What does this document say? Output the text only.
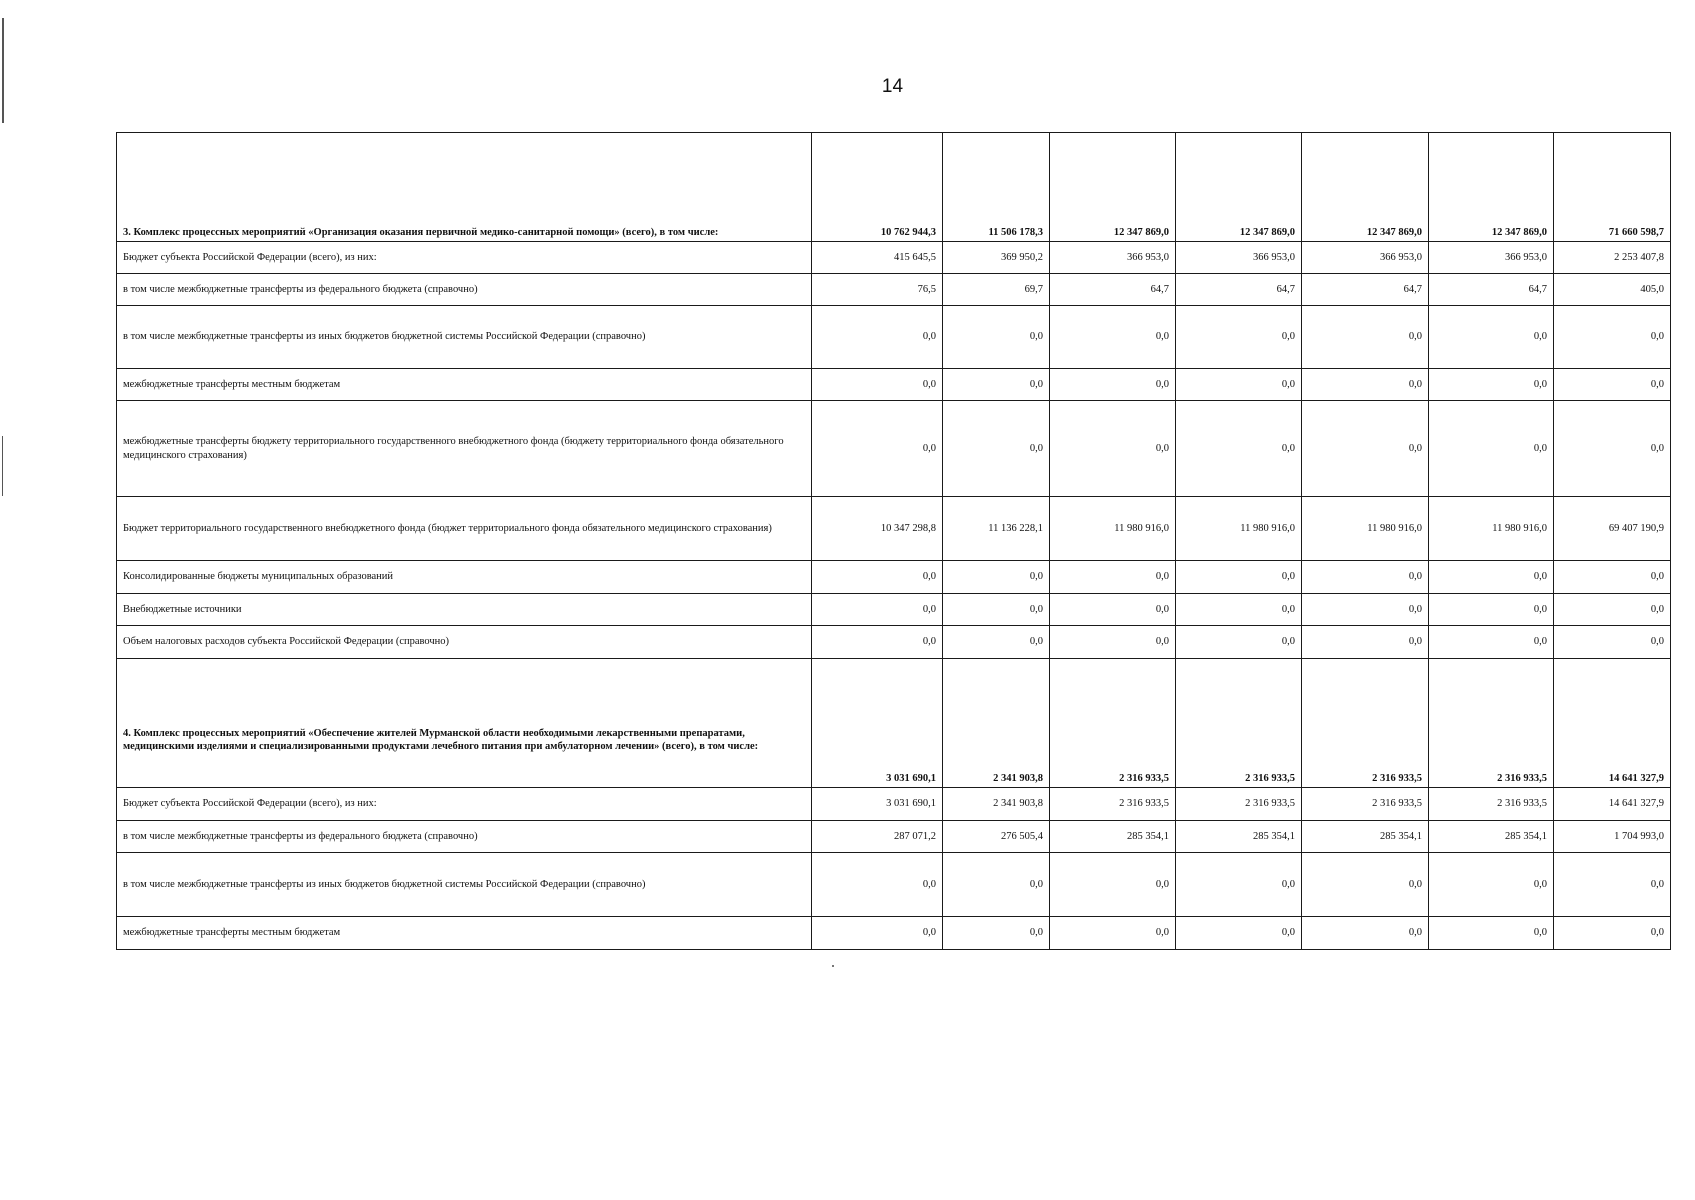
14
3. Комплекс процессных мероприятий «Организация оказания первичной медико-санитарной помощи» (всего), в том числе:	10 762 944,3	11 506 178,3	12 347 869,0	12 347 869,0	12 347 869,0	12 347 869,0	71 660 598,7
Бюджет субъекта Российской Федерации (всего), из них:	415 645,5	369 950,2	366 953,0	366 953,0	366 953,0	366 953,0	2 253 407,8
в том числе межбюджетные трансферты из федерального бюджета (справочно)	76,5	69,7	64,7	64,7	64,7	64,7	405,0
в том числе межбюджетные трансферты из иных бюджетов бюджетной системы Российской Федерации (справочно)	0,0	0,0	0,0	0,0	0,0	0,0	0,0
межбюджетные трансферты местным бюджетам	0,0	0,0	0,0	0,0	0,0	0,0	0,0
межбюджетные трансферты бюджету территориального государственного внебюджетного фонда (бюджету территориального фонда обязательного медицинского страхования)	0,0	0,0	0,0	0,0	0,0	0,0	0,0
Бюджет территориального государственного внебюджетного фонда (бюджет территориального фонда обязательного медицинского страхования)	10 347 298,8	11 136 228,1	11 980 916,0	11 980 916,0	11 980 916,0	11 980 916,0	69 407 190,9
Консолидированные бюджеты муниципальных образований	0,0	0,0	0,0	0,0	0,0	0,0	0,0
Внебюджетные источники	0,0	0,0	0,0	0,0	0,0	0,0	0,0
Объем налоговых расходов субъекта Российской Федерации (справочно)	0,0	0,0	0,0	0,0	0,0	0,0	0,0

4. Комплекс процессных мероприятий «Обеспечение жителей Мурманской области необходимыми лекарственными препаратами, медицинскими изделиями и специализированными продуктами лечебного питания при амбулаторном лечении» (всего), в том числе:	3 031 690,1	2 341 903,8	2 316 933,5	2 316 933,5	2 316 933,5	2 316 933,5	14 641 327,9
Бюджет субъекта Российской Федерации (всего), из них:	3 031 690,1	2 341 903,8	2 316 933,5	2 316 933,5	2 316 933,5	2 316 933,5	14 641 327,9
в том числе межбюджетные трансферты из федерального бюджета (справочно)	287 071,2	276 505,4	285 354,1	285 354,1	285 354,1	285 354,1	1 704 993,0
в том числе межбюджетные трансферты из иных бюджетов бюджетной системы Российской Федерации (справочно)	0,0	0,0	0,0	0,0	0,0	0,0	0,0
межбюджетные трансферты местным бюджетам	0,0	0,0	0,0	0,0	0,0	0,0	0,0
